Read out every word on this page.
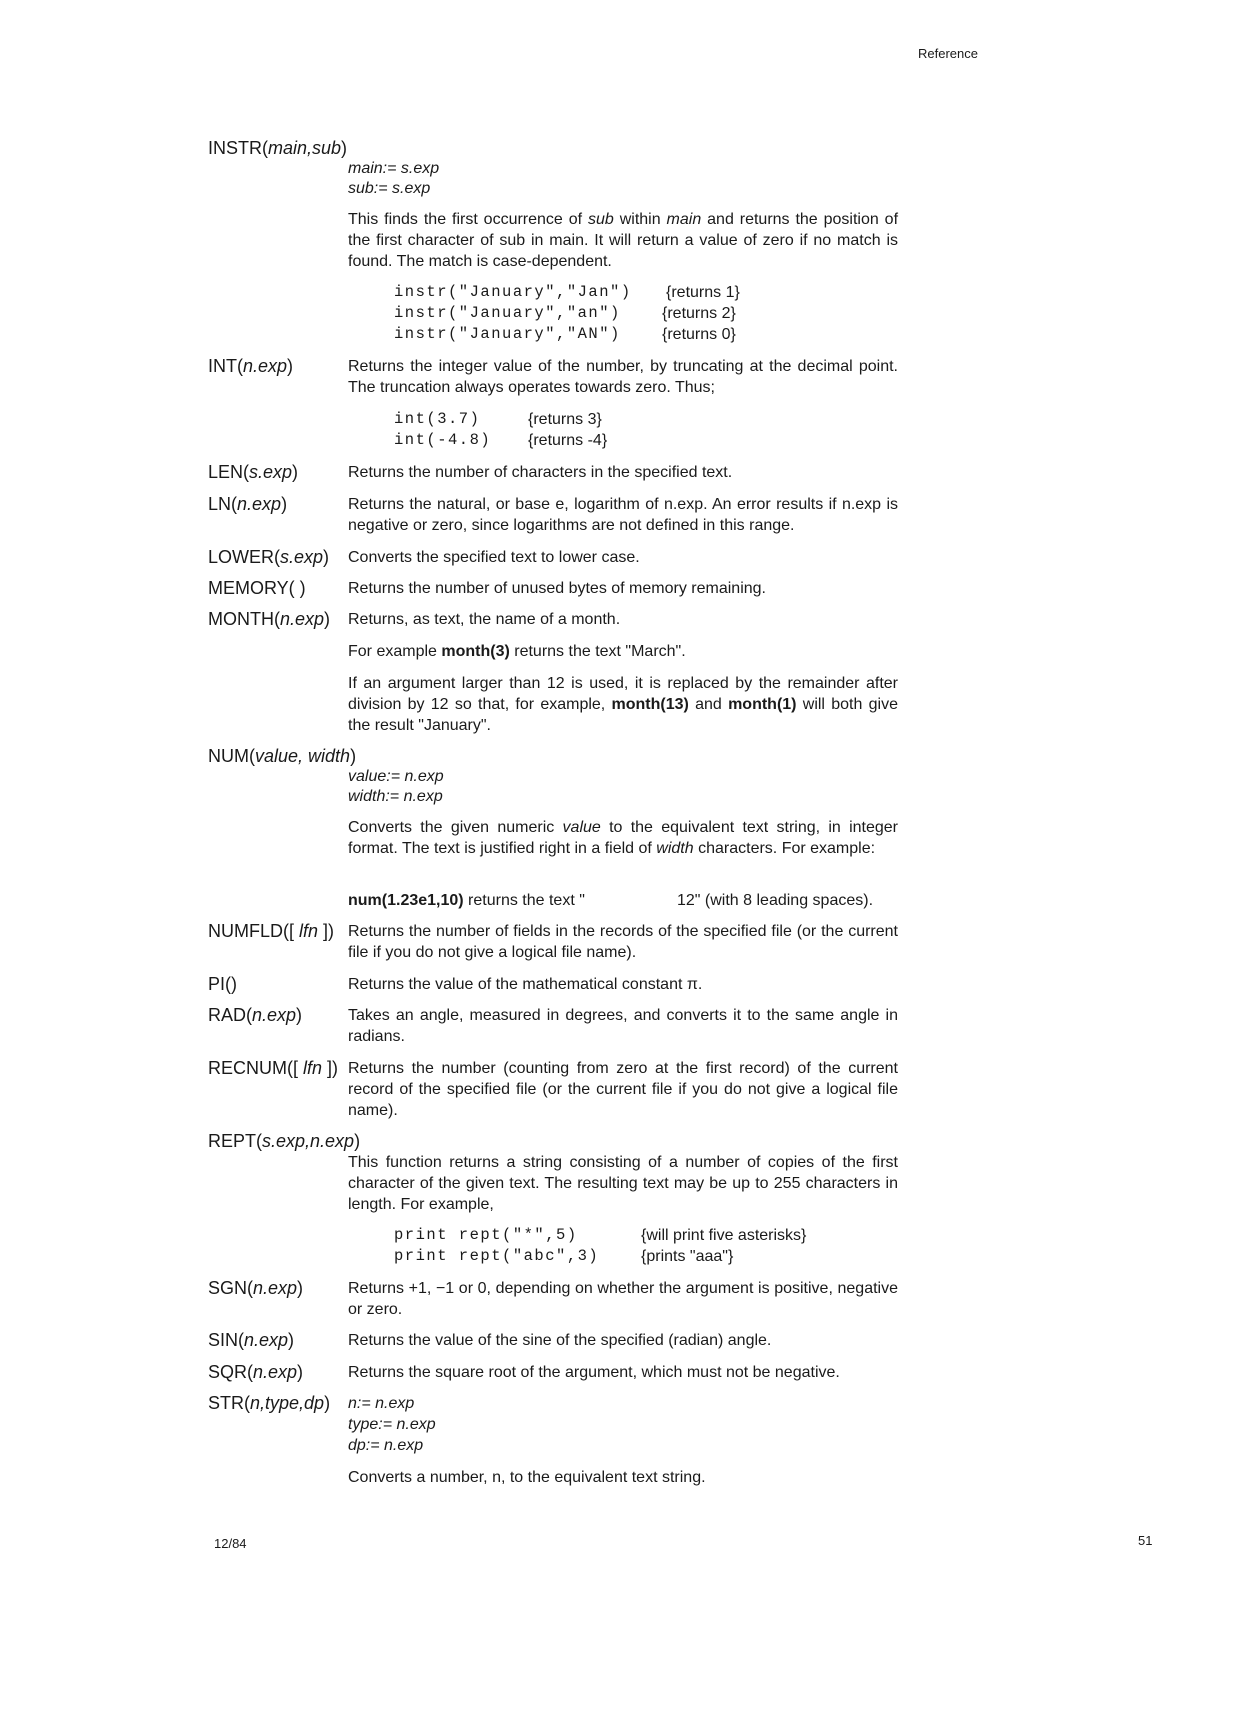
Reference
INSTR(main,sub)
main:= s.exp
sub:= s.exp
This finds the first occurrence of sub within main and returns the position of the first character of sub in main. It will return a value of zero if no match is found. The match is case-dependent.
instr("January","Jan") {returns 1}
instr("January","an")	{returns 2}
instr("January","AN")	{returns 0}
INT(n.exp)	Returns the integer value of the number, by truncating at the decimal point. The truncation always operates towards zero. Thus;
int(3.7)	{returns 3}
int(-4.8) {returns -4}
LEN(s.exp)	Returns the number of characters in the specified text.
LN(n.exp)	Returns the natural, or base e, logarithm of n.exp. An error results if n.exp is negative or zero, since logarithms are not defined in this range.
LOWER(s.exp) Converts the specified text to lower case.
MEMORY( )	Returns the number of unused bytes of memory remaining.
MONTH(n.exp) Returns, as text, the name of a month.
For example month(3) returns the text "March".
If an argument larger than 12 is used, it is replaced by the remainder after division by 12 so that, for example, month(13) and month(1) will both give the result "January".
NUM(value, width)
value:= n.exp
width:= n.exp
Converts the given numeric value to the equivalent text string, in integer format. The text is justified right in a field of width characters. For example:
num(1.23e1,10) returns the text "	12" (with 8 leading spaces).
NUMFLD([ lfn ]) Returns the number of fields in the records of the specified file (or the current file if you do not give a logical file name).
PI()	Returns the value of the mathematical constant π.
RAD(n.exp)	Takes an angle, measured in degrees, and converts it to the same angle in radians.
RECNUM([ lfn ]) Returns the number (counting from zero at the first record) of the current record of the specified file (or the current file if you do not give a logical file name).
REPT(s.exp,n.exp)
This function returns a string consisting of a number of copies of the first character of the given text. The resulting text may be up to 255 characters in length. For example,
print rept("*",5)	{will print five asterisks}
print rept("abc",3)	{prints "aaa"}
SGN(n.exp)	Returns +1, −1 or 0, depending on whether the argument is positive, negative or zero.
SIN(n.exp)	Returns the value of the sine of the specified (radian) angle.
SQR(n.exp)	Returns the square root of the argument, which must not be negative.
STR(n,type,dp) n:= n.exp
type:= n.exp
dp:= n.exp
Converts a number, n, to the equivalent text string.
12/84	51
